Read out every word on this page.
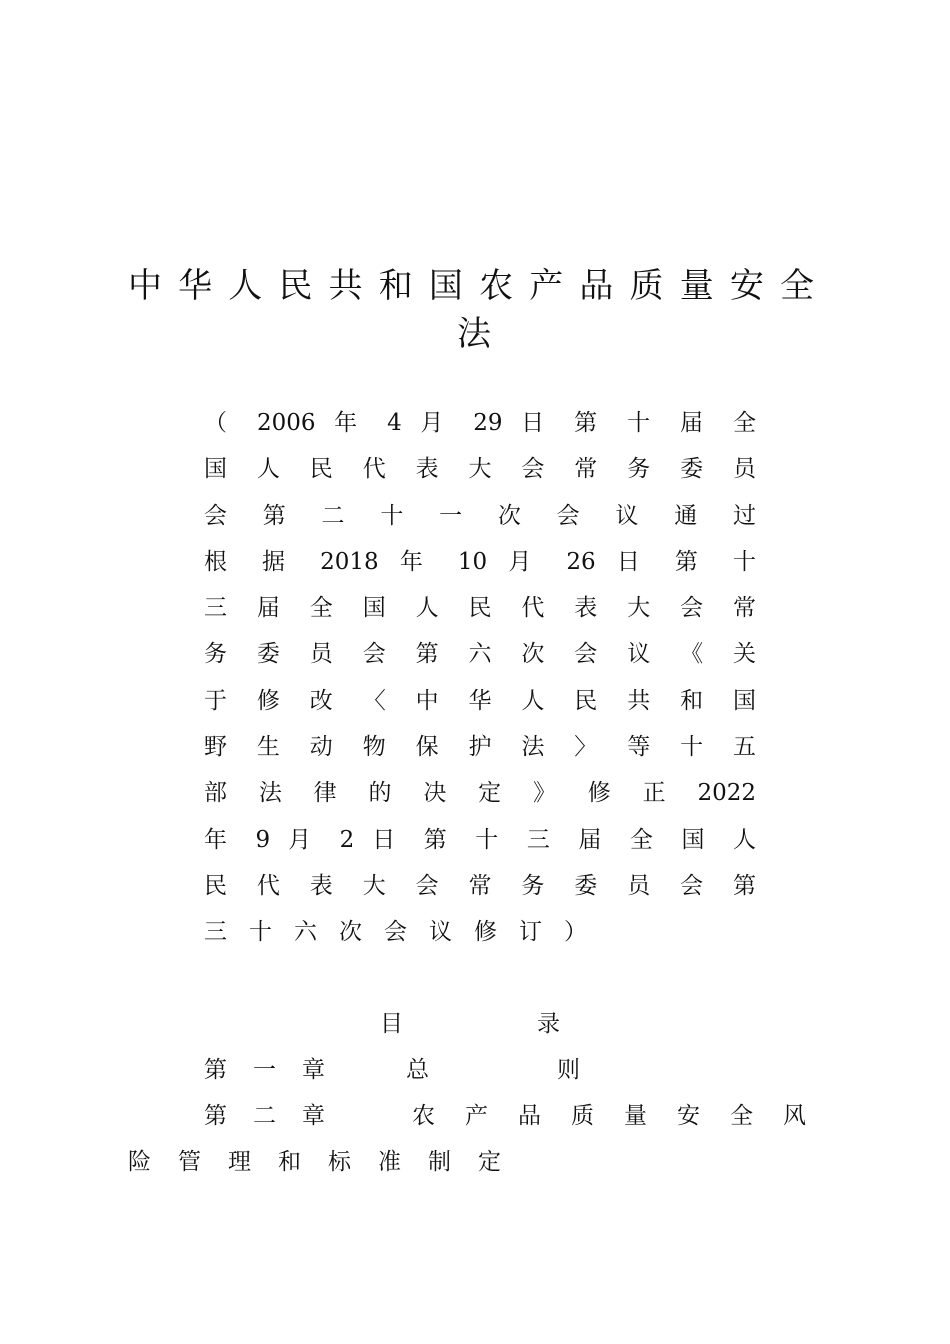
中华人民共和国农产品质量安全
法
（ 2006 年 4 月 29 日 第 十 届 全
国 人 民 代 表 大 会 常 务 委 员
会 第 二 十 一 次 会 议 通 过
根 据 2018 年 10 月 26 日 第 十
三 届 全 国 人 民 代 表 大 会 常
务 委 员 会 第 六 次 会 议 《 关
于 修 改 〈 中 华 人 民 共 和 国
野 生 动 物 保 护 法 〉 等 十 五
部 法 律 的 决 定 》 修 正 2022
年 9 月 2 日 第 十 三 届 全 国 人
民 代 表 大 会 常 务 委 员 会 第
三十六次会议修订）
目录
第一章 总则
第二章	农产品质量安全风
险管理和标准制定
